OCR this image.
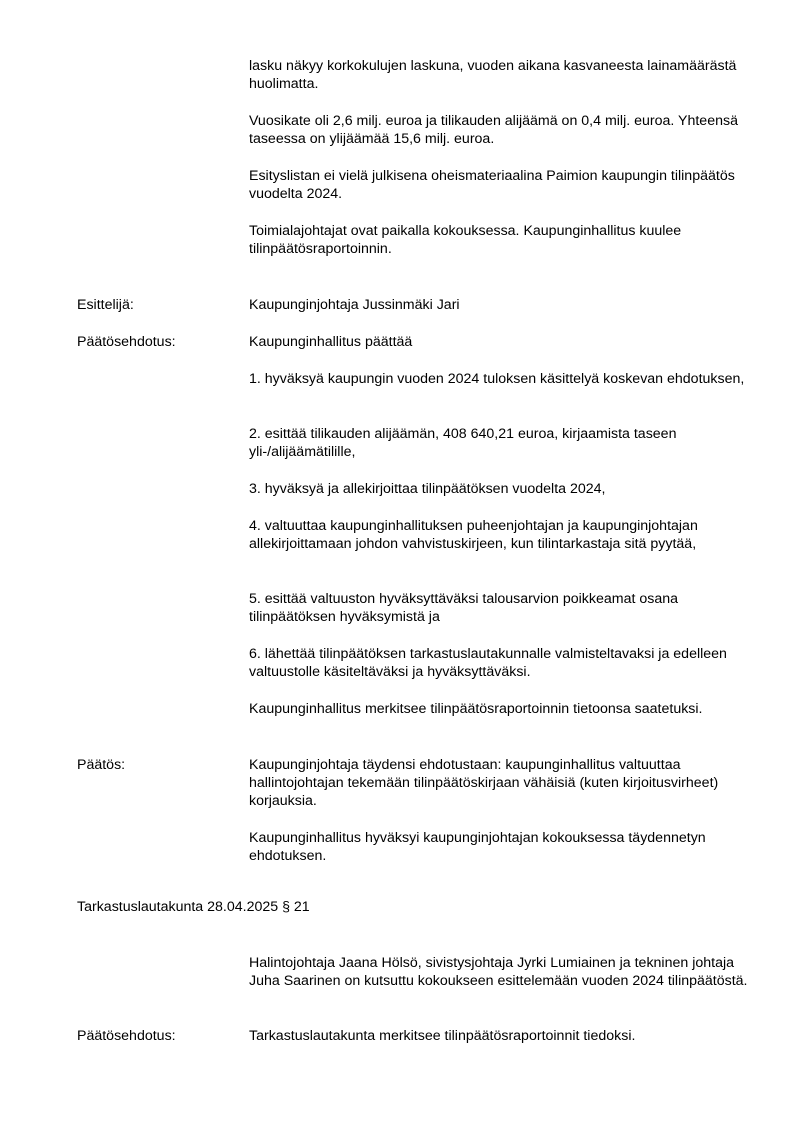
lasku näkyy korkokulujen laskuna, vuoden aikana kasvaneesta lainamäärästä huolimatta.

Vuosikate oli 2,6 milj. euroa ja tilikauden alijäämä on 0,4 milj. euroa. Yhteensä taseessa on ylijäämää 15,6 milj. euroa.

Esityslistan ei vielä julkisena oheismateriaalina Paimion kaupungin tilinpäätös vuodelta 2024.

Toimialajohtajat ovat paikalla kokouksessa. Kaupunginhallitus kuulee tilinpäätösraportoinnin.

Esittelijä:	Kaupunginjohtaja Jussinmäki Jari
Päätösehdotus:	Kaupunginhallitus päättää

1. hyväksyä kaupungin vuoden 2024 tuloksen käsittelyä koskevan ehdotuksen,

2. esittää tilikauden alijäämän, 408 640,21 euroa, kirjaamista taseen yli-/alijäämätilille,

3. hyväksyä ja allekirjoittaa tilinpäätöksen vuodelta 2024,

4. valtuuttaa kaupunginhallituksen puheenjohtajan ja kaupunginjohtajan allekirjoittamaan johdon vahvistuskirjeen, kun tilintarkastaja sitä pyytää,

5. esittää valtuuston hyväksyttäväksi talousarvion poikkeamat osana tilinpäätöksen hyväksymistä ja

6. lähettää tilinpäätöksen tarkastuslautakunnalle valmisteltavaksi ja edelleen valtuustolle käsiteltäväksi ja hyväksyttäväksi.

Kaupunginhallitus merkitsee tilinpäätösraportoinnin tietoonsa saatetuksi.

Päätös:	Kaupunginjohtaja täydensi ehdotustaan: kaupunginhallitus valtuuttaa hallintojohtajan tekemään tilinpäätöskirjaan vähäisiä (kuten kirjoitusvirheet) korjauksia.

Kaupunginhallitus hyväksyi kaupunginjohtajan kokouksessa täydennetyn ehdotuksen.

Tarkastuslautakunta 28.04.2025 § 21

Halintojohtaja Jaana Hölsö, sivistysjohtaja Jyrki Lumiainen ja tekninen johtaja Juha Saarinen on kutsuttu kokoukseen esittelemään vuoden 2024 tilinpäätöstä.

Päätösehdotus:	Tarkastuslautakunta merkitsee tilinpäätösraportoinnit tiedoksi.
